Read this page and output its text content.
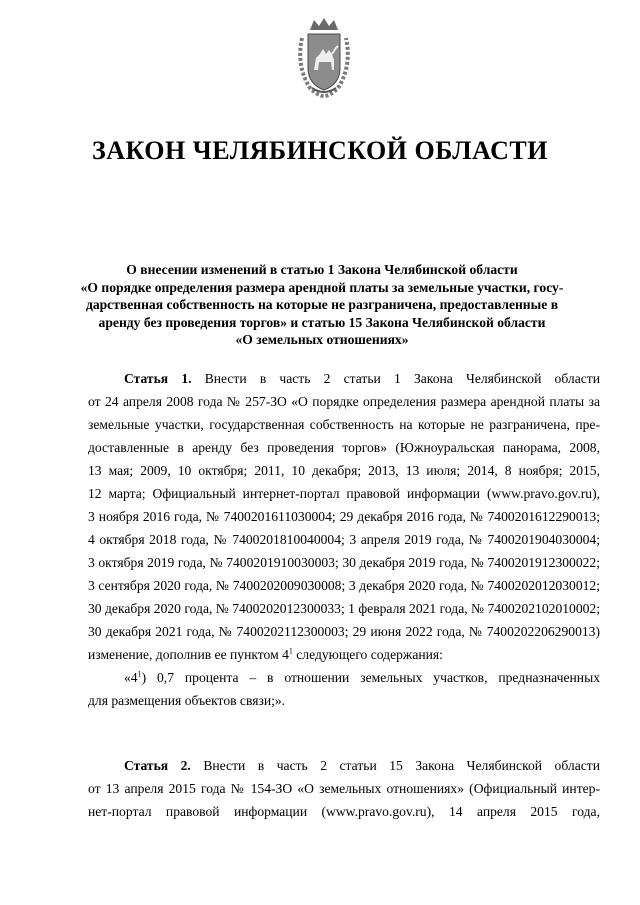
ЗАКОН ЧЕЛЯБИНСКОЙ ОБЛАСТИ
О внесении изменений в статью 1 Закона Челябинской области
«О порядке определения размера арендной платы за земельные участки, госу-
дарственная собственность на которые не разграничена, предоставленные в
аренду без проведения торгов» и статью 15 Закона Челябинской области
«О земельных отношениях»
Статья 1. Внести в часть 2 статьи 1 Закона Челябинской области
от 24 апреля 2008 года № 257-ЗО «О порядке определения размера арендной платы за
земельные участки, государственная собственность на которые не разграничена, пре-
доставленные в аренду без проведения торгов» (Южноуральская панорама, 2008,
13 мая; 2009, 10 октября; 2011, 10 декабря; 2013, 13 июля; 2014, 8 ноября; 2015,
12 марта; Официальный интернет-портал правовой информации (www.pravo.gov.ru),
3 ноября 2016 года, № 7400201611030004; 29 декабря 2016 года, № 7400201612290013;
4 октября 2018 года, № 7400201810040004; 3 апреля 2019 года, № 7400201904030004;
3 октября 2019 года, № 7400201910030003; 30 декабря 2019 года, № 7400201912300022;
3 сентября 2020 года, № 7400202009030008; 3 декабря 2020 года, № 7400202012030012;
30 декабря 2020 года, № 7400202012300033; 1 февраля 2021 года, № 7400202102010002;
30 декабря 2021 года, № 7400202112300003; 29 июня 2022 года, № 7400202206290013)
изменение, дополнив ее пунктом $4^1$ следующего содержания:
«$4^1$) 0,7 процента – в отношении земельных участков, предназначенных
для размещения объектов связи;».
Статья 2. Внести в часть 2 статьи 15 Закона Челябинской области
от 13 апреля 2015 года № 154-ЗО «О земельных отношениях» (Официальный интер-
нет-портал правовой информации (www.pravo.gov.ru), 14 апреля 2015 года,
